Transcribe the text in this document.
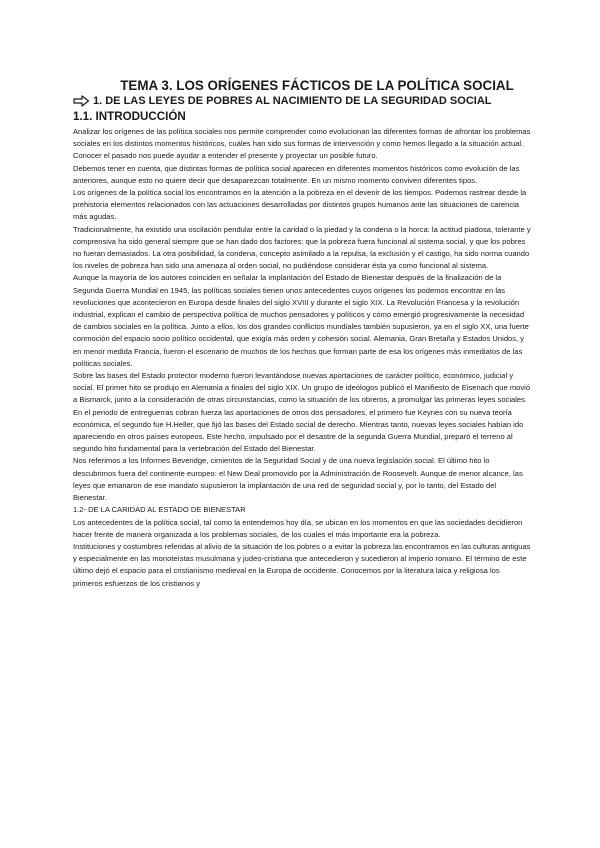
TEMA 3. LOS ORÍGENES FÁCTICOS DE LA POLÍTICA SOCIAL
1. DE LAS LEYES DE POBRES AL NACIMIENTO DE LA SEGURIDAD SOCIAL
1.1. INTRODUCCIÓN

Analizar los orígenes de las política sociales nos permite comprender como evolucionan las diferentes formas de afrontar los problemas sociales en los distintos momentos históricos, cuáles han sido sus formas de intervención y como hemos llegado a la situación actual. Conocer el pasado nos puede ayudar a entender el presente y proyectar un posible futuro.

Debemos tener en cuenta, que distintas formas de política social aparecen en diferentes momentos históricos como evolución de las anteriores, aunque esto no quiere decir que desaparezcan totalmente. En un mismo momento conviven diferentes tipos.

Los orígenes de la política social los encontramos en la atención a la pobreza en el devenir de los tiempos. Podemos rastrear desde la prehistoria elementos relacionados con las actuaciones desarrolladas por distintos grupos humanos ante las situaciones de carencia más agudas.

Tradicionalmente, ha existido una oscilación pendular entre la caridad o la piedad y la condena o la horca: la actitud piadosa, tolerante y comprensiva ha sido general siempre que se han dado dos factores: que la pobreza fuera funcional al sistema social, y que los pobres no fueran demasiados. La otra posibilidad, la condena, concepto asimilado a la repulsa, la exclusión y el castigo, ha sido norma cuando los niveles de pobreza han sido una amenaza al orden social, no pudiéndose considerar ésta ya como funcional al sistema.

Aunque la mayoría de los autores coinciden en señalar la implantación del Estado de Bienestar después de la finalización de la Segunda Guerra Mundial en 1945, las políticas sociales tienen unos antecedentes cuyos orígenes los podemos encontrar en las revoluciones que acontecieron en Europa desde finales del siglo XVIII y durante el siglo XIX. La Revolución Francesa y la revolución industrial, explican el cambio de perspectiva política de muchos pensadores y políticos y cómo emergió progresivamente la necesidad de cambios sociales en la política. Junto a ellos, los dos grandes conflictos mundiales también supusieron, ya en el siglo XX, una fuerte conmoción del espacio socio político occidental, que exigía más orden y cohesión social. Alemania, Gran Bretaña y Estados Unidos, y en menor medida Francia, fueron el escenario de muchos de los hechos que forman parte de esa los orígenes más inmediatos de las políticas sociales.

Sobre las bases del Estado protector moderno fueron levantándose nuevas aportaciones de carácter político, económico, judicial y social. El primer hito se produjo en Alemania a finales del siglo XIX. Un grupo de ideólogos publicó el Manifiesto de Eisenach que movió a Bismarck, junto a la consideración de otras circunstancias, como la situación de los obreros, a promulgar las primeras leyes sociales.

En el periodo de entreguerras cobran fuerza las aportaciones de otros dos pensadores, el primero fue Keynes con su nueva teoría económica, el segundo fue H.Heller, que fijó las bases del Estado social de derecho. Mientras tanto, nuevas leyes sociales habían ido apareciendo en otros países europeos. Este hecho, impulsado por el desastre de la segunda Guerra Mundial, preparó el terreno al segundo hito fundamental para la vertebración del Estado del Bienestar.

Nos referimos a los Informes Beveridge, cimientos de la Seguridad Social y de una nueva legislación social. El último hito lo descubrimos fuera del continente europeo: el New Deal promovido por la Administración de Roosevelt. Aunque de menor alcance, las leyes que emanaron de ese mandato supusieron la implantación de una red de seguridad social y, por lo tanto, del Estado del Bienestar.

1.2- DE LA CARIDAD AL ESTADO DE BIENESTAR

Los antecedentes de la política social, tal como la entendemos hoy día, se ubican en los momentos en que las sociedades decidieron hacer frente de manera organizada a los problemas sociales, de los cuales el más importante era la pobreza.

Instituciones y costumbres referidas al alivio de la situación de los pobres o a evitar la pobreza las encontramos en las culturas antiguas y especialmente en las monoteístas musulmana y judeo-cristiana que antecedieron y sucedieron al imperio romano. El término de este último dejó el espacio para el cristianismo medieval en la Europa de occidente. Conocemos por la literatura laica y religiosa los primeros esfuerzos de los cristianos y
